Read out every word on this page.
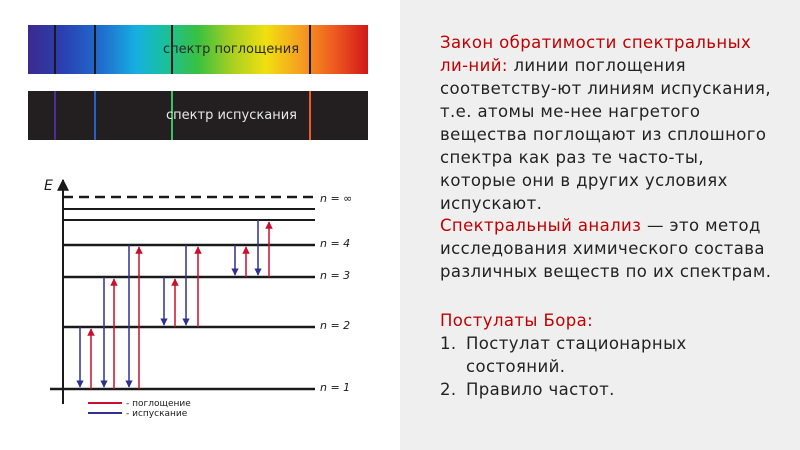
спектр поглощения
спектр испускания
E
n = ∞
n = 4
n = 3
n = 2
n = 1
- поглощение
- испускание
Закон обратимости спектральных ли-ний: линии поглощения соответству-ют линиям испускания, т.е. атомы ме-нее нагретого вещества поглощают из сплошного спектра как раз те часто-ты, которые они в других условиях испускают.
Спектральный анализ — это метод исследования химического состава различных веществ по их спектрам.
Постулаты Бора:
1. Постулат стационарных состояний.
2. Правило частот.
